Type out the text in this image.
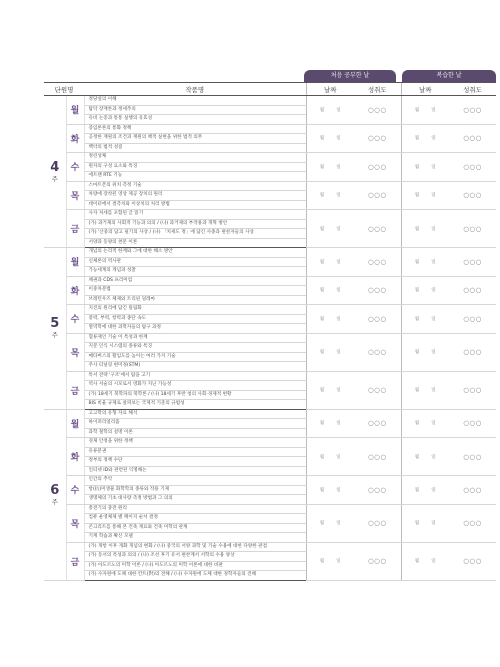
처음 공부한 날	복습한 날
단원명		작품명	날짜	성취도	날짜	성취도

4
주	월	정당설의 이해	월 일	○○○	월 일	○○○
		탐탁 장재론과 정세추의				
		유비 논증과 통통 실행의 유효성				
	화	증임론론의 통화 정책	월 일	○○○	월 일	○○○
		공정한 재원의 조건과 재원의 책적 실현을 위한 법적 의무				
		백악의 법적 성질				
	수	정린성체	월 일	○○○	월 일	○○○
		원자의 구성 요소와 특징				
		에트랜 RTE 기능				
	목	스마트폰의 위치 측정 기술	월 일	○○○	월 일	○○○
		차량에 장착된 영상 제공 장치의 원리				
		데이터에서 결측치와 이상치의 처리 방법				
	금	사자 처세를 포함된 글 읽기	월 일	○○○	월 일	○○○
		(가) 과거제의 사회적 기능과 의의 / (나) 과거제의 부작용과 개혁 방안				
		(가) '산중의 답고 필기의 사상 / (나) 「치세도 정」에 담긴 사종과 편찬자들의 사상				
		서양과 동양의 천문 이론				

5
주	월	개념의 논리적 한계와 그에 대한 해소 방안	월 일	○○○	월 일	○○○
		신체론의 역사관				
		가능세계의 개념과 성찰				
	화	채권과 CDS 프리미엄	월 일	○○○	월 일	○○○
		이중차분법				
		브레턴우즈 체제와 트리핀 딜레마				
	수	지진의 원리에 담긴 릴림화	월 일	○○○	월 일	○○○
		중력, 부력, 항력과 종단 속도				
		열역학에 대한 과학자들의 탐구 과정				
	목	혈류제인 기술 이 특성과 한계	월 일	○○○	월 일	○○○
		지문 인식 시스템의 종류와 특징				
		메타버스의 활임도를 높이는 여러 가지 기술				
		주사 터널링 현미경(STM)				
	금	특서 전략 '구조'에서 탐을 고기	월 일	○○○	월 일	○○○
		역사 서술의 시모로서 영화가 지닌 가능성				
		(가) 18세기 북학파의 북학론 / (나) 18세기 후반 청의 사회·경제적 현황				
		BIS 비율 규제로 살펴보는 국제적 기준의 규범성				

6
주	월	고고학의 유형 자료 해석	월 일	○○○	월 일	○○○
		하이퍼리얼리즘				
		과학 철학의 설명 이론				
	화	경제 안정을 위한 정책	월 일	○○○	월 일	○○○
		유류분권				
		정부의 정책 수단				
		인터넷 ID와 관련된 익명해논				
	수	인간의 추악	월 일	○○○	월 일	○○○
		항(抗)미생물 화학학의 종류와 작용 기제				
		생명체의 기초 대사량 측정 방법과 그 의의				
	목	총전기의 충전 원리	월 일	○○○	월 일	○○○
		컴퓨 운영체제 별 페이지 순서 결정				
		콘크리트를 통해 본 건축 재료와 건축 미학의 관계				
		기계 학습과 확신 모델				
	금	(가) 개항 이후 개화 개념의 변화 / (나) 중국의 서양 과학 및 기술 수용에 대한 다양한 관점	월 일	○○○	월 일	○○○
		(가) 동서의 특성과 의의 / (나) 조선 후기 유서 편찬계서 서학의 수용 양상				
		(가) 아도르노의 미학 이론 / (나) 아도르노의 미학 이론에 대한 비판				
		(가) 수자원에 도체 대한 칸트(對)의 견해 / (나) 수자원에 도체 대한 경학자들의 견해				
